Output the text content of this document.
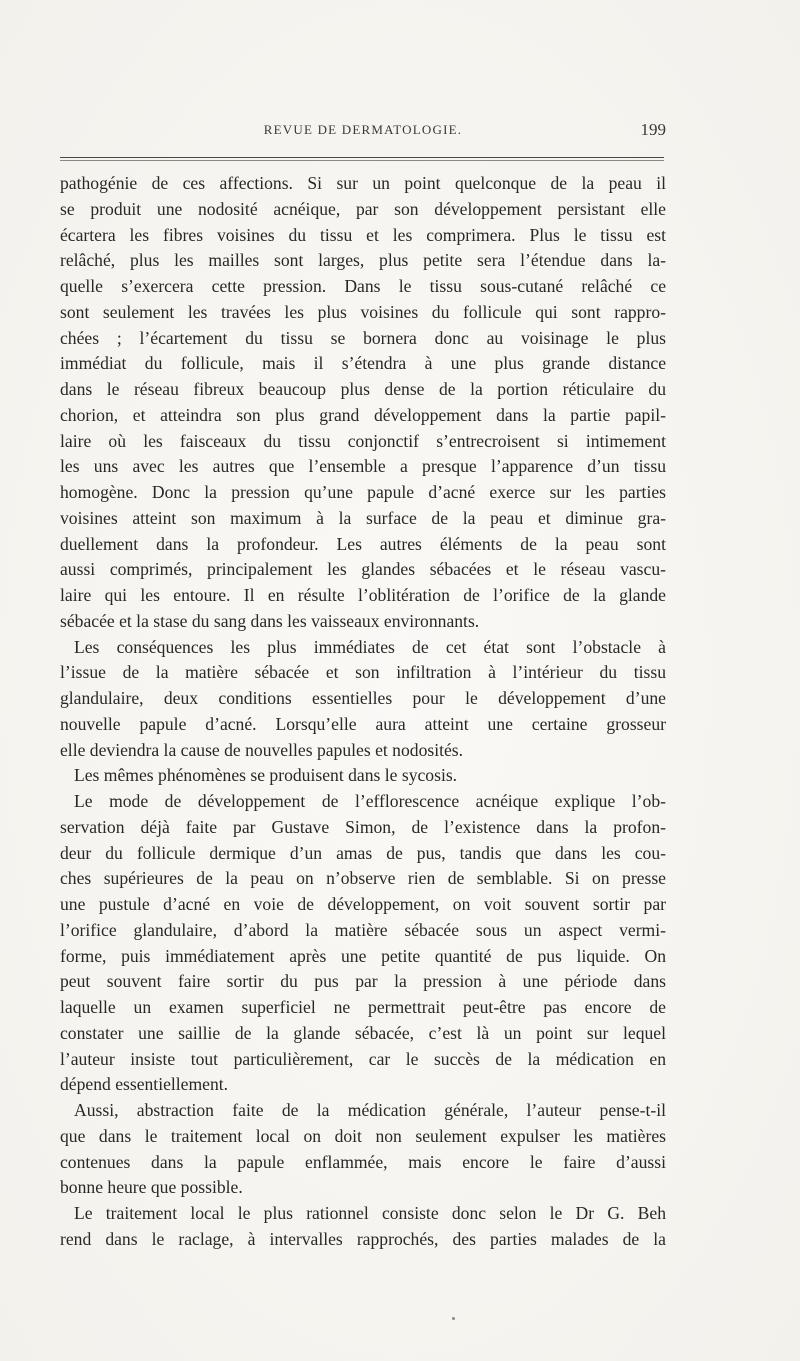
REVUE DE DERMATOLOGIE.	199

pathogénie de ces affections. Si sur un point quelconque de la peau il

se produit une nodosité acnéique, par son développement persistant elle

écartera les fibres voisines du tissu et les comprimera. Plus le tissu est

relâché, plus les mailles sont larges, plus petite sera l’étendue dans la-

quelle s’exercera cette pression. Dans le tissu sous-cutané relâché ce

sont seulement les travées les plus voisines du follicule qui sont rappro-

chées ; l’écartement du tissu se bornera donc au voisinage le plus

immédiat du follicule, mais il s’étendra à une plus grande distance

dans le réseau fibreux beaucoup plus dense de la portion réticulaire du

chorion, et atteindra son plus grand développement dans la partie papil-

laire où les faisceaux du tissu conjonctif s’entrecroisent si intimement

les uns avec les autres que l’ensemble a presque l’apparence d’un tissu

homogène. Donc la pression qu’une papule d’acné exerce sur les parties

voisines atteint son maximum à la surface de la peau et diminue gra-

duellement dans la profondeur. Les autres éléments de la peau sont

aussi comprimés, principalement les glandes sébacées et le réseau vascu-

laire qui les entoure. Il en résulte l’oblitération de l’orifice de la glande

sébacée et la stase du sang dans les vaisseaux environnants.

Les conséquences les plus immédiates de cet état sont l’obstacle à

l’issue de la matière sébacée et son infiltration à l’intérieur du tissu

glandulaire, deux conditions essentielles pour le développement d’une

nouvelle papule d’acné. Lorsqu’elle aura atteint une certaine grosseur

elle deviendra la cause de nouvelles papules et nodosités.

Les mêmes phénomènes se produisent dans le sycosis.

Le mode de développement de l’efflorescence acnéique explique l’ob-

servation déjà faite par Gustave Simon, de l’existence dans la profon-

deur du follicule dermique d’un amas de pus, tandis que dans les cou-

ches supérieures de la peau on n’observe rien de semblable. Si on presse

une pustule d’acné en voie de développement, on voit souvent sortir par

l’orifice glandulaire, d’abord la matière sébacée sous un aspect vermi-

forme, puis immédiatement après une petite quantité de pus liquide. On

peut souvent faire sortir du pus par la pression à une période dans

laquelle un examen superficiel ne permettrait peut-être pas encore de

constater une saillie de la glande sébacée, c’est là un point sur lequel

l’auteur insiste tout particulièrement, car le succès de la médication en

dépend essentiellement.

Aussi, abstraction faite de la médication générale, l’auteur pense-t-il

que dans le traitement local on doit non seulement expulser les matières

contenues dans la papule enflammée, mais encore le faire d’aussi

bonne heure que possible.

Le traitement local le plus rationnel consiste donc selon le Dr G. Beh

rend dans le raclage, à intervalles rapprochés, des parties malades de la
